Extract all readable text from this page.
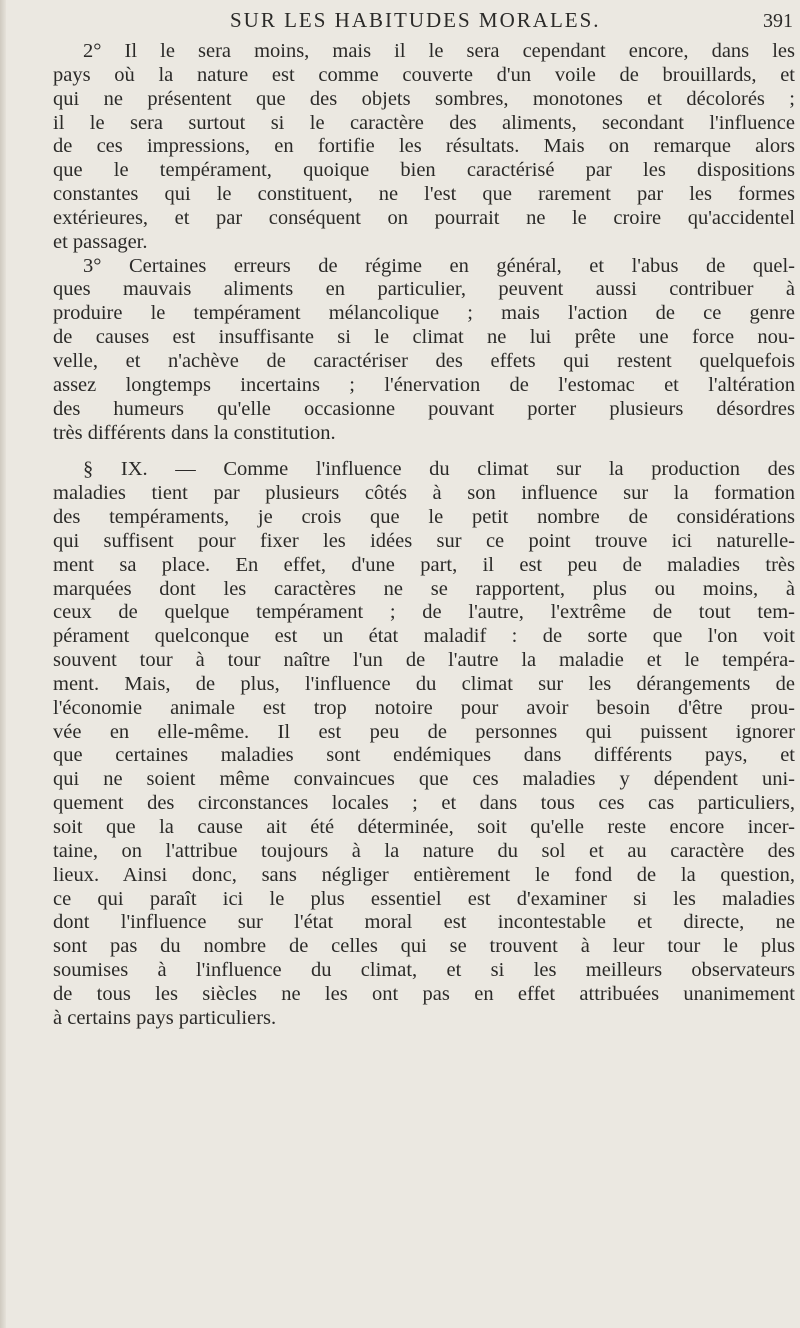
SUR LES HABITUDES MORALES.	391
2° Il le sera moins, mais il le sera cependant encore, dans les
pays où la nature est comme couverte d'un voile de brouillards, et
qui ne présentent que des objets sombres, monotones et décolorés ;
il le sera surtout si le caractère des aliments, secondant l'influence
de ces impressions, en fortifie les résultats. Mais on remarque alors
que le tempérament, quoique bien caractérisé par les dispositions
constantes qui le constituent, ne l'est que rarement par les formes
extérieures, et par conséquent on pourrait ne le croire qu'accidentel
et passager.
3° Certaines erreurs de régime en général, et l'abus de quel-
ques mauvais aliments en particulier, peuvent aussi contribuer à
produire le tempérament mélancolique ; mais l'action de ce genre
de causes est insuffisante si le climat ne lui prête une force nou-
velle, et n'achève de caractériser des effets qui restent quelquefois
assez longtemps incertains ; l'énervation de l'estomac et l'altération
des humeurs qu'elle occasionne pouvant porter plusieurs désordres
très différents dans la constitution.
§ IX. — Comme l'influence du climat sur la production des
maladies tient par plusieurs côtés à son influence sur la formation
des tempéraments, je crois que le petit nombre de considérations
qui suffisent pour fixer les idées sur ce point trouve ici naturelle-
ment sa place. En effet, d'une part, il est peu de maladies très
marquées dont les caractères ne se rapportent, plus ou moins, à
ceux de quelque tempérament ; de l'autre, l'extrême de tout tem-
pérament quelconque est un état maladif : de sorte que l'on voit
souvent tour à tour naître l'un de l'autre la maladie et le tempéra-
ment. Mais, de plus, l'influence du climat sur les dérangements de
l'économie animale est trop notoire pour avoir besoin d'être prou-
vée en elle-même. Il est peu de personnes qui puissent ignorer
que certaines maladies sont endémiques dans différents pays, et
qui ne soient même convaincues que ces maladies y dépendent uni-
quement des circonstances locales ; et dans tous ces cas particuliers,
soit que la cause ait été déterminée, soit qu'elle reste encore incer-
taine, on l'attribue toujours à la nature du sol et au caractère des
lieux. Ainsi donc, sans négliger entièrement le fond de la question,
ce qui paraît ici le plus essentiel est d'examiner si les maladies
dont l'influence sur l'état moral est incontestable et directe, ne
sont pas du nombre de celles qui se trouvent à leur tour le plus
soumises à l'influence du climat, et si les meilleurs observateurs
de tous les siècles ne les ont pas en effet attribuées unanimement
à certains pays particuliers.
